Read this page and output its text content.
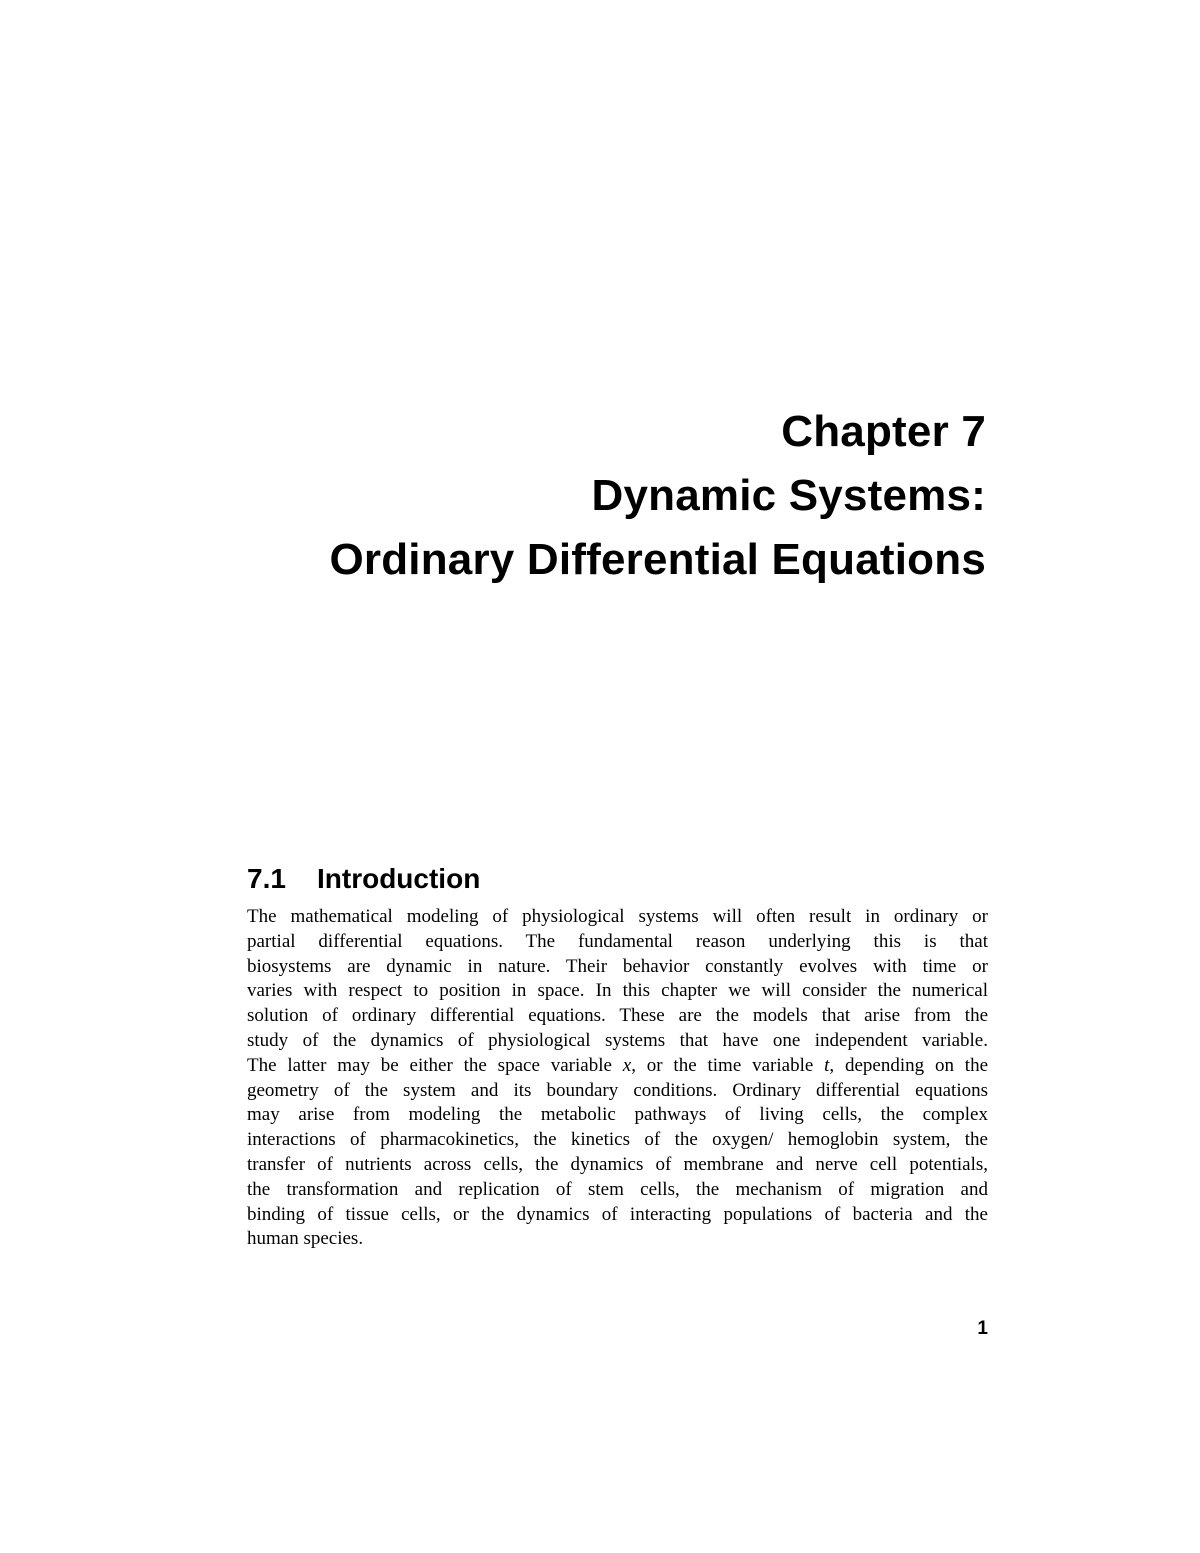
Chapter 7
Dynamic Systems:
Ordinary Differential Equations
7.1 Introduction
The mathematical modeling of physiological systems will often result in ordinary or
partial differential equations. The fundamental reason underlying this is that
biosystems are dynamic in nature. Their behavior constantly evolves with time or
varies with respect to position in space. In this chapter we will consider the numerical
solution of ordinary differential equations. These are the models that arise from the
study of the dynamics of physiological systems that have one independent variable.
The latter may be either the space variable x, or the time variable t, depending on the
geometry of the system and its boundary conditions. Ordinary differential equations
may arise from modeling the metabolic pathways of living cells, the complex
interactions of pharmacokinetics, the kinetics of the oxygen/ hemoglobin system, the
transfer of nutrients across cells, the dynamics of membrane and nerve cell potentials,
the transformation and replication of stem cells, the mechanism of migration and
binding of tissue cells, or the dynamics of interacting populations of bacteria and the
human species.
1
